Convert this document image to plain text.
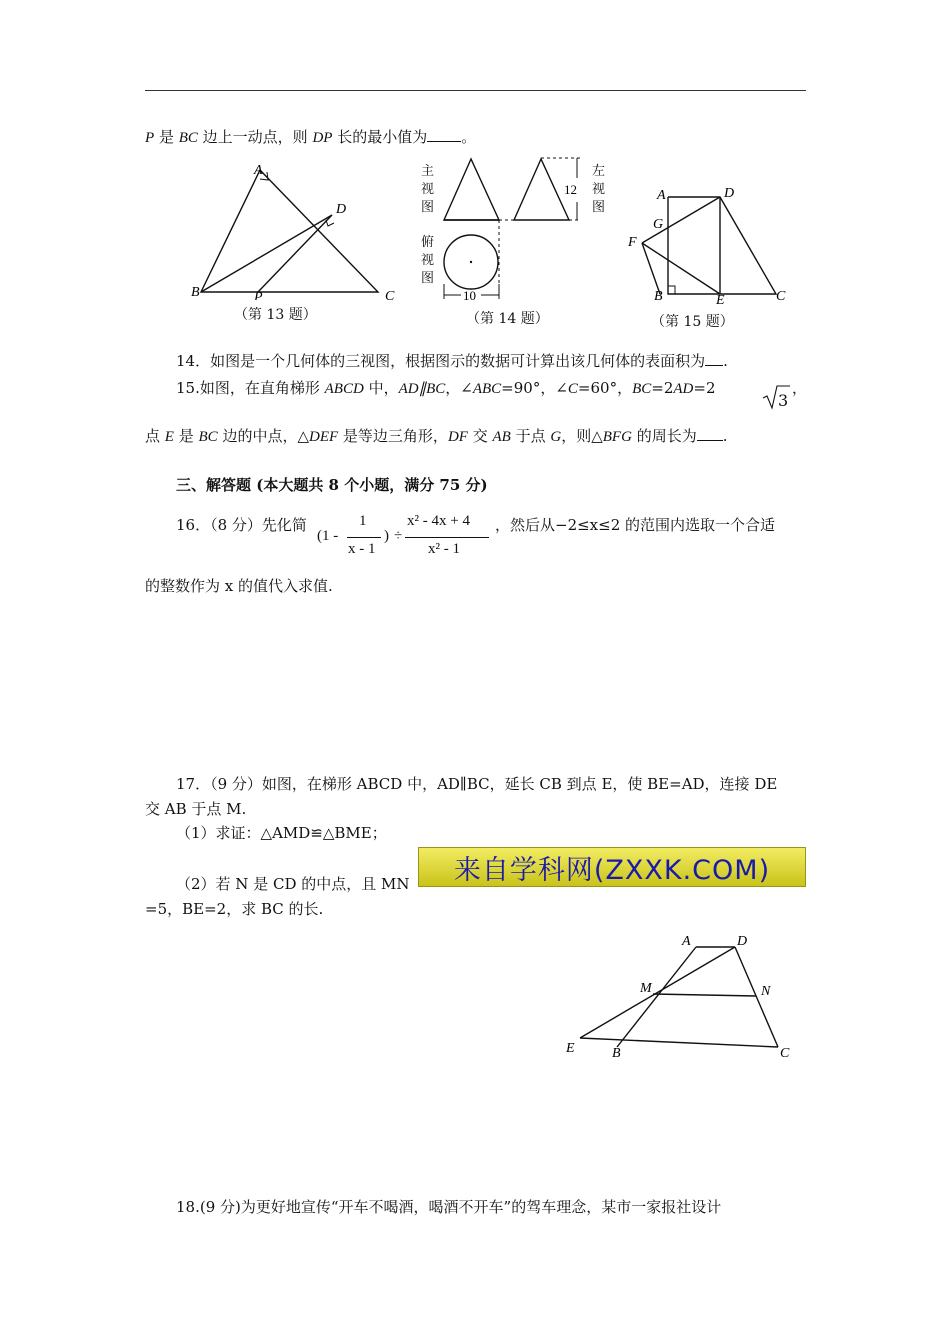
P 是 BC 边上一动点，则 DP 长的最小值为 。
A
B	C
D
P
（第 13 题）
12
10
主视图
左视图
俯视图
（第 14 题）
A	D
G
F
B	E	C
（第 15 题）
14．如图是一个几何体的三视图，根据图示的数据可计算出该几何体的表面积为 .
15.如图，在直角梯形 ABCD 中，AD∥BC，∠ABC=90°，∠C=60°，BC=2AD=2
3
，
点 E 是 BC 边的中点，△DEF 是等边三角形，DF 交 AB 于点 G，则△BFG 的周长为 .
三、解答题 (本大题共 8 个小题，满分 75 分)
16．（8 分）先化简
(1 -
1
x - 1
) ÷
x² - 4x + 4
x² - 1
，然后从−2≤x≤2 的范围内选取一个合适
的整数作为 x 的值代入求值.
17．（9 分）如图，在梯形 ABCD 中，AD∥BC，延长 CB 到点 E，使 BE=AD，连接 DE
交 AB 于点 M.
（1）求证：△AMD≌△BME；
（2）若 N 是 CD 的中点，且 MN
=5，BE=2，求 BC 的长.
来自学科网(ZXXK.COM)
A	D
M	N
E	B	C
18.(9 分)为更好地宣传“开车不喝酒，喝酒不开车”的驾车理念，某市一家报社设计
